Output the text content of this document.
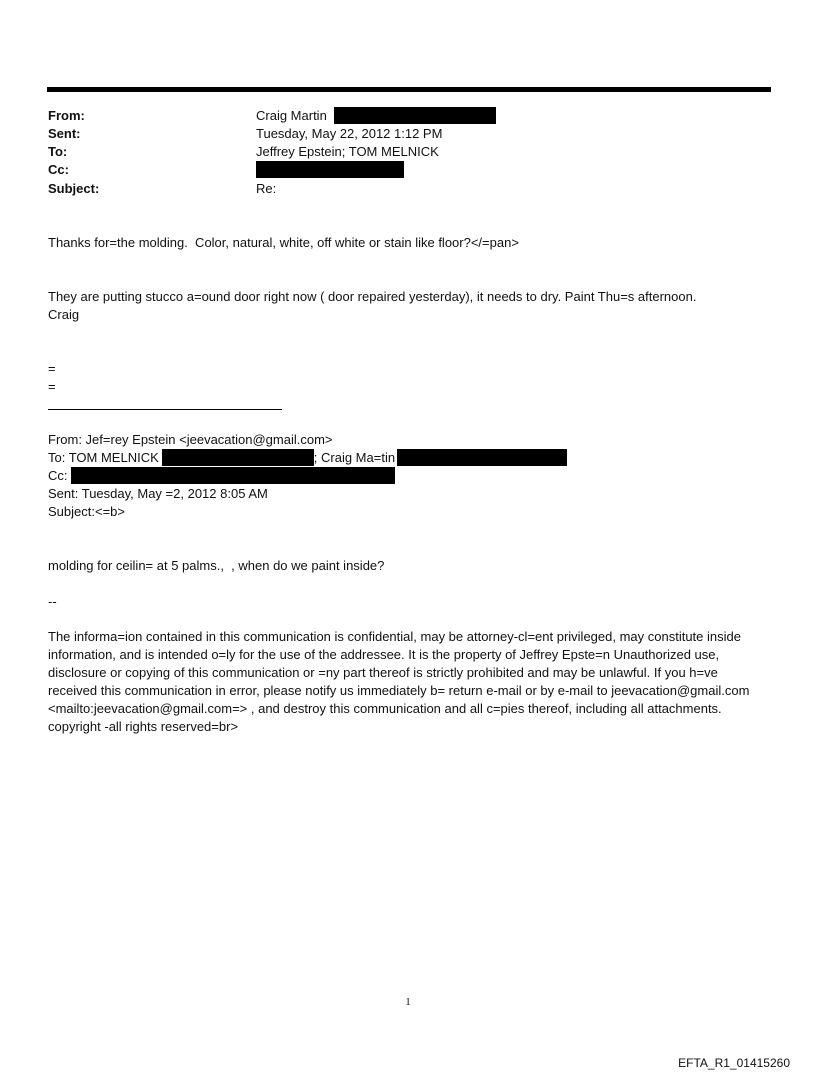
From:	Craig Martin
Sent:	Tuesday, May 22, 2012 1:12 PM
To:	Jeffrey Epstein; TOM MELNICK
Cc:
Subject:	Re:
Thanks for=the molding.  Color, natural, white, off white or stain like floor?</=pan>
They are putting stucco a=ound door right now ( door repaired yesterday), it needs to dry. Paint Thu=s afternoon.
Craig
=
=
From: Jef=rey Epstein <jeevacation@gmail.com>
To: TOM MELNICK	; Craig Ma=tin
Cc:
Sent: Tuesday, May =2, 2012 8:05 AM
Subject:<=b>
molding for ceilin= at 5 palms.,  , when do we paint inside?
--
The informa=ion contained in this communication is confidential, may be attorney-cl=ent privileged, may constitute inside information, and is intended o=ly for the use of the addressee. It is the property of Jeffrey Epste=n Unauthorized use, disclosure or copying of this communication or =ny part thereof is strictly prohibited and may be unlawful. If you h=ve received this communication in error, please notify us immediately b= return e-mail or by e-mail to jeevacation@gmail.com <mailto:jeevacation@gmail.com=> , and destroy this communication and all c=pies thereof, including all attachments. copyright -all rights reserved=br>
1
EFTA_R1_01415260
